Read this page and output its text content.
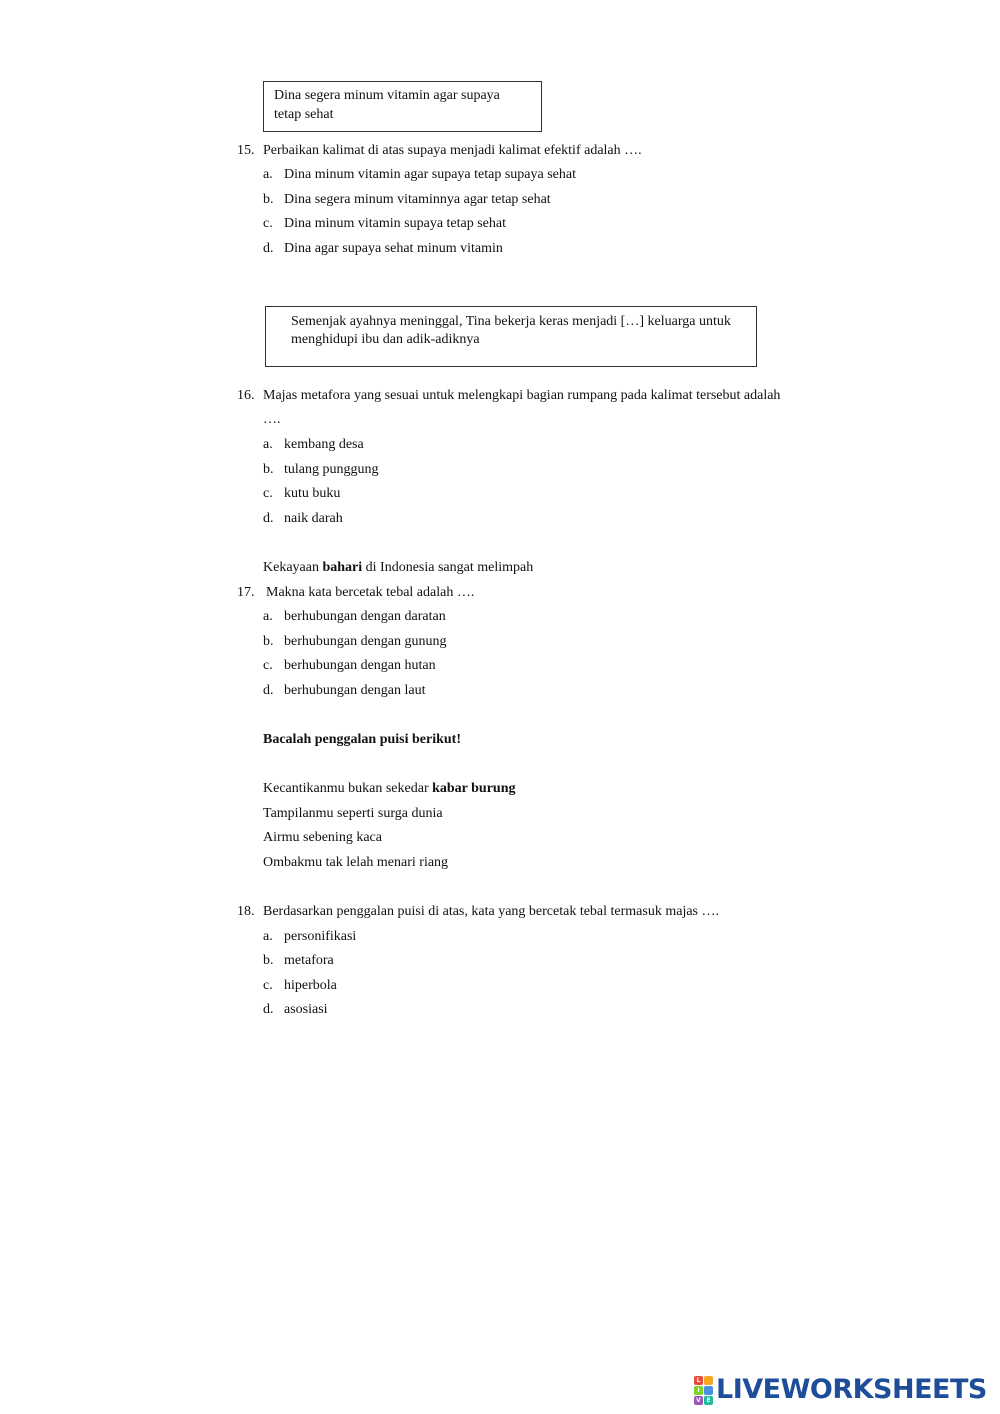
Dina segera minum vitamin agar supaya
tetap sehat
15. Perbaikan kalimat di atas supaya menjadi kalimat efektif adalah ….
a. Dina minum vitamin agar supaya tetap supaya sehat
b. Dina segera minum vitaminnya agar tetap sehat
c. Dina minum vitamin supaya tetap sehat
d. Dina agar supaya sehat minum vitamin
Semenjak ayahnya meninggal, Tina bekerja keras menjadi […] keluarga untuk
menghidupi ibu dan adik-adiknya
16. Majas metafora yang sesuai untuk melengkapi bagian rumpang pada kalimat tersebut adalah
….
a. kembang desa
b. tulang punggung
c. kutu buku
d. naik darah
Kekayaan bahari di Indonesia sangat melimpah
17. Makna kata bercetak tebal adalah ….
a. berhubungan dengan daratan
b. berhubungan dengan gunung
c. berhubungan dengan hutan
d. berhubungan dengan laut
Bacalah penggalan puisi berikut!
Kecantikanmu bukan sekedar kabar burung
Tampilanmu seperti surga dunia
Airmu sebening kaca
Ombakmu tak lelah menari riang
18. Berdasarkan penggalan puisi di atas, kata yang bercetak tebal termasuk majas ….
a. personifikasi
b. metafora
c. hiperbola
d. asosiasi
L
I
V E LIVEWORKSHEETS
